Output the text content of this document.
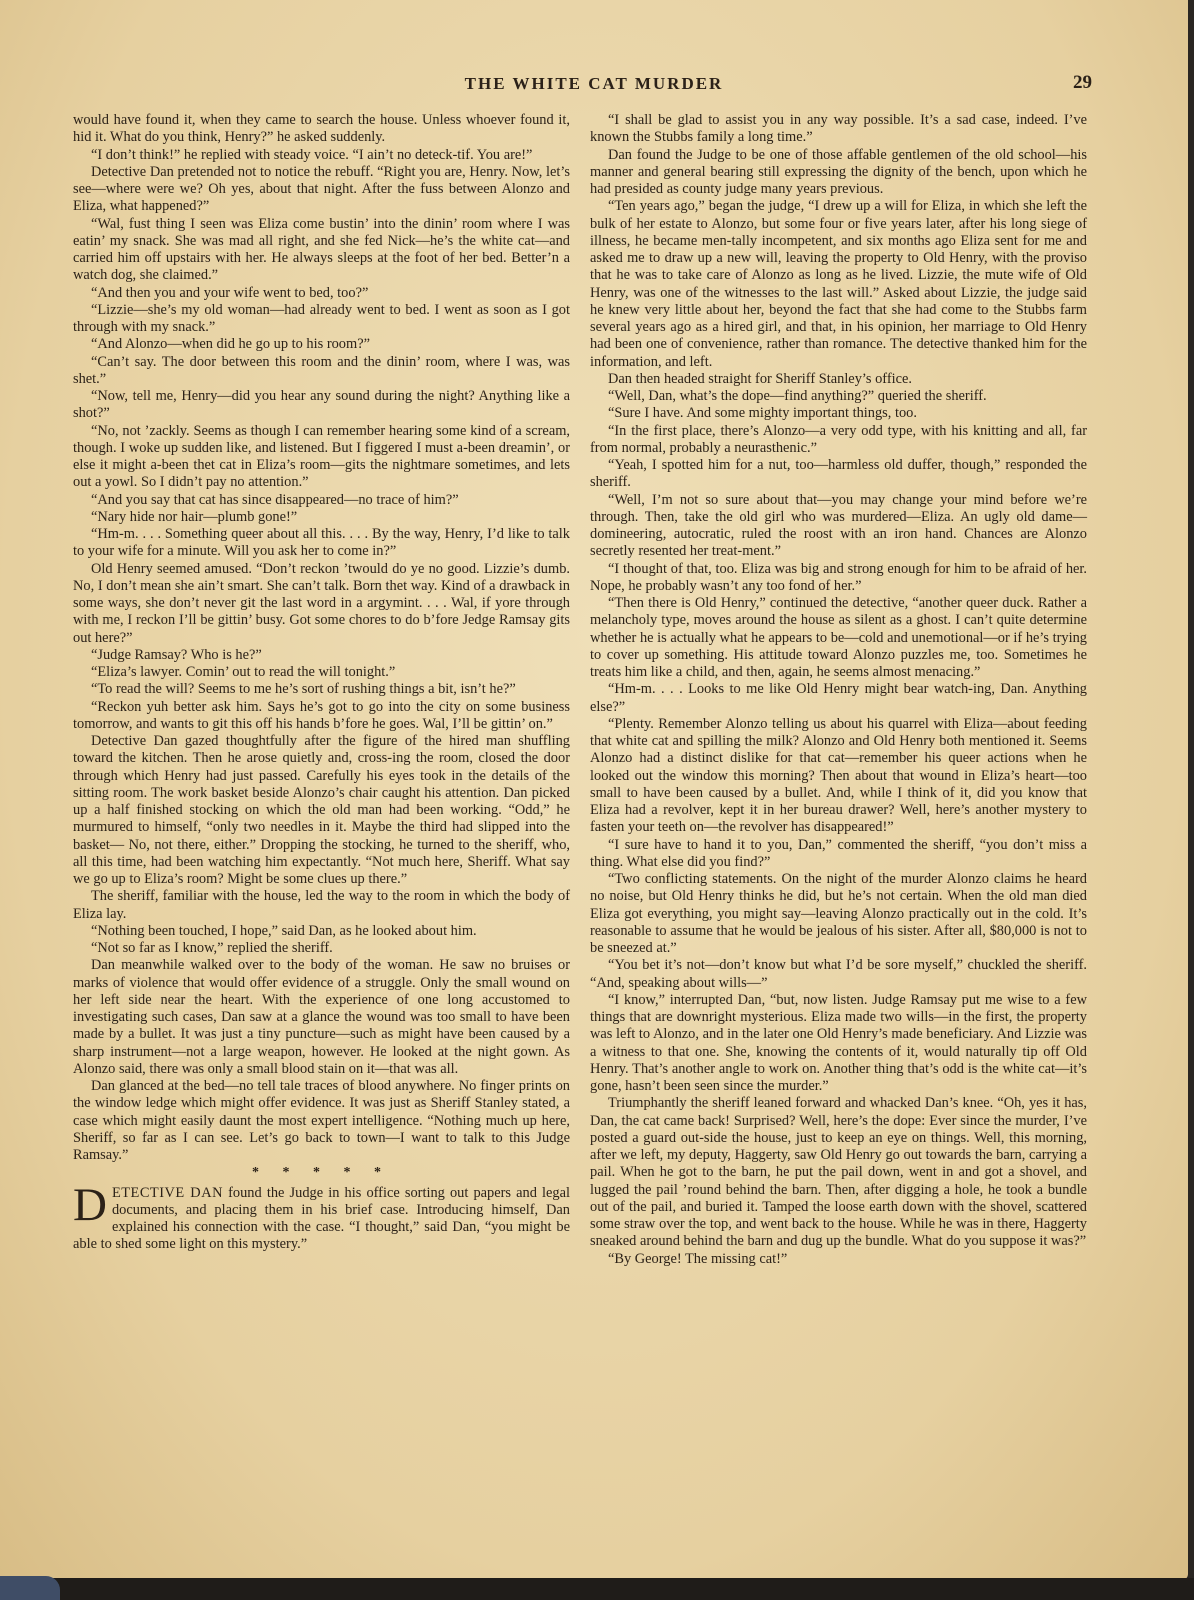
THE WHITE CAT MURDER	29

would have found it, when they came to search the house. Unless whoever found it, hid it. What do you think, Henry?” he asked suddenly.

“I don’t think!” he replied with steady voice. “I ain’t no deteck-tif. You are!”

Detective Dan pretended not to notice the rebuff. “Right you are, Henry. Now, let’s see—where were we? Oh yes, about that night. After the fuss between Alonzo and Eliza, what happened?”

“Wal, fust thing I seen was Eliza come bustin’ into the dinin’ room where I was eatin’ my snack. She was mad all right, and she fed Nick—he’s the white cat—and carried him off upstairs with her. He always sleeps at the foot of her bed. Better’n a watch dog, she claimed.”

“And then you and your wife went to bed, too?”

“Lizzie—she’s my old woman—had already went to bed. I went as soon as I got through with my snack.”

“And Alonzo—when did he go up to his room?”

“Can’t say. The door between this room and the dinin’ room, where I was, was shet.”

“Now, tell me, Henry—did you hear any sound during the night? Anything like a shot?”

“No, not ’zackly. Seems as though I can remember hearing some kind of a scream, though. I woke up sudden like, and listened. But I figgered I must a-been dreamin’, or else it might a-been thet cat in Eliza’s room—gits the nightmare sometimes, and lets out a yowl. So I didn’t pay no attention.”

“And you say that cat has since disappeared—no trace of him?”

“Nary hide nor hair—plumb gone!”

“Hm-m. . . . Something queer about all this. . . . By the way, Henry, I’d like to talk to your wife for a minute. Will you ask her to come in?”

Old Henry seemed amused. “Don’t reckon ’twould do ye no good. Lizzie’s dumb. No, I don’t mean she ain’t smart. She can’t talk. Born thet way. Kind of a drawback in some ways, she don’t never git the last word in a argymint. . . . Wal, if yore through with me, I reckon I’ll be gittin’ busy. Got some chores to do b’fore Jedge Ramsay gits out here?”

“Judge Ramsay? Who is he?”

“Eliza’s lawyer. Comin’ out to read the will tonight.”

“To read the will? Seems to me he’s sort of rushing things a bit, isn’t he?”

“Reckon yuh better ask him. Says he’s got to go into the city on some business tomorrow, and wants to git this off his hands b’fore he goes. Wal, I’ll be gittin’ on.”

Detective Dan gazed thoughtfully after the figure of the hired man shuffling toward the kitchen. Then he arose quietly and, cross-ing the room, closed the door through which Henry had just passed. Carefully his eyes took in the details of the sitting room. The work basket beside Alonzo’s chair caught his attention. Dan picked up a half finished stocking on which the old man had been working. “Odd,” he murmured to himself, “only two needles in it. Maybe the third had slipped into the basket— No, not there, either.” Dropping the stocking, he turned to the sheriff, who, all this time, had been watching him expectantly. “Not much here, Sheriff. What say we go up to Eliza’s room? Might be some clues up there.”

The sheriff, familiar with the house, led the way to the room in which the body of Eliza lay.

“Nothing been touched, I hope,” said Dan, as he looked about him.

“Not so far as I know,” replied the sheriff.

Dan meanwhile walked over to the body of the woman. He saw no bruises or marks of violence that would offer evidence of a struggle. Only the small wound on her left side near the heart. With the experience of one long accustomed to investigating such cases, Dan saw at a glance the wound was too small to have been made by a bullet. It was just a tiny puncture—such as might have been caused by a sharp instrument—not a large weapon, however. He looked at the night gown. As Alonzo said, there was only a small blood stain on it—that was all.

Dan glanced at the bed—no tell tale traces of blood anywhere. No finger prints on the window ledge which might offer evidence. It was just as Sheriff Stanley stated, a case which might easily daunt the most expert intelligence. “Nothing much up here, Sheriff, so far as I can see. Let’s go back to town—I want to talk to this Judge Ramsay.”

* * * * *

DETECTIVE DAN found the Judge in his office sorting out papers and legal documents, and placing them in his brief case. Introducing himself, Dan explained his connection with the case. “I thought,” said Dan, “you might be able to shed some light on this mystery.”

“I shall be glad to assist you in any way possible. It’s a sad case, indeed. I’ve known the Stubbs family a long time.”

Dan found the Judge to be one of those affable gentlemen of the old school—his manner and general bearing still expressing the dignity of the bench, upon which he had presided as county judge many years previous.

“Ten years ago,” began the judge, “I drew up a will for Eliza, in which she left the bulk of her estate to Alonzo, but some four or five years later, after his long siege of illness, he became men-tally incompetent, and six months ago Eliza sent for me and asked me to draw up a new will, leaving the property to Old Henry, with the proviso that he was to take care of Alonzo as long as he lived. Lizzie, the mute wife of Old Henry, was one of the witnesses to the last will.” Asked about Lizzie, the judge said he knew very little about her, beyond the fact that she had come to the Stubbs farm several years ago as a hired girl, and that, in his opinion, her marriage to Old Henry had been one of convenience, rather than romance. The detective thanked him for the information, and left.

Dan then headed straight for Sheriff Stanley’s office.

“Well, Dan, what’s the dope—find anything?” queried the sheriff.

“Sure I have. And some mighty important things, too.

“In the first place, there’s Alonzo—a very odd type, with his knitting and all, far from normal, probably a neurasthenic.”

“Yeah, I spotted him for a nut, too—harmless old duffer, though,” responded the sheriff.

“Well, I’m not so sure about that—you may change your mind before we’re through. Then, take the old girl who was murdered—Eliza. An ugly old dame—domineering, autocratic, ruled the roost with an iron hand. Chances are Alonzo secretly resented her treat-ment.”

“I thought of that, too. Eliza was big and strong enough for him to be afraid of her. Nope, he probably wasn’t any too fond of her.”

“Then there is Old Henry,” continued the detective, “another queer duck. Rather a melancholy type, moves around the house as silent as a ghost. I can’t quite determine whether he is actually what he appears to be—cold and unemotional—or if he’s trying to cover up something. His attitude toward Alonzo puzzles me, too. Sometimes he treats him like a child, and then, again, he seems almost menacing.”

“Hm-m. . . . Looks to me like Old Henry might bear watch-ing, Dan. Anything else?”

“Plenty. Remember Alonzo telling us about his quarrel with Eliza—about feeding that white cat and spilling the milk? Alonzo and Old Henry both mentioned it. Seems Alonzo had a distinct dislike for that cat—remember his queer actions when he looked out the window this morning? Then about that wound in Eliza’s heart—too small to have been caused by a bullet. And, while I think of it, did you know that Eliza had a revolver, kept it in her bureau drawer? Well, here’s another mystery to fasten your teeth on—the revolver has disappeared!”

“I sure have to hand it to you, Dan,” commented the sheriff, “you don’t miss a thing. What else did you find?”

“Two conflicting statements. On the night of the murder Alonzo claims he heard no noise, but Old Henry thinks he did, but he’s not certain. When the old man died Eliza got everything, you might say—leaving Alonzo practically out in the cold. It’s reasonable to assume that he would be jealous of his sister. After all, $80,000 is not to be sneezed at.”

“You bet it’s not—don’t know but what I’d be sore myself,” chuckled the sheriff. “And, speaking about wills—”

“I know,” interrupted Dan, “but, now listen. Judge Ramsay put me wise to a few things that are downright mysterious. Eliza made two wills—in the first, the property was left to Alonzo, and in the later one Old Henry’s made beneficiary. And Lizzie was a witness to that one. She, knowing the contents of it, would naturally tip off Old Henry. That’s another angle to work on. Another thing that’s odd is the white cat—it’s gone, hasn’t been seen since the murder.”

Triumphantly the sheriff leaned forward and whacked Dan’s knee. “Oh, yes it has, Dan, the cat came back! Surprised? Well, here’s the dope: Ever since the murder, I’ve posted a guard out-side the house, just to keep an eye on things. Well, this morning, after we left, my deputy, Haggerty, saw Old Henry go out towards the barn, carrying a pail. When he got to the barn, he put the pail down, went in and got a shovel, and lugged the pail ’round behind the barn. Then, after digging a hole, he took a bundle out of the pail, and buried it. Tamped the loose earth down with the shovel, scattered some straw over the top, and went back to the house. While he was in there, Haggerty sneaked around behind the barn and dug up the bundle. What do you suppose it was?”

“By George! The missing cat!”
